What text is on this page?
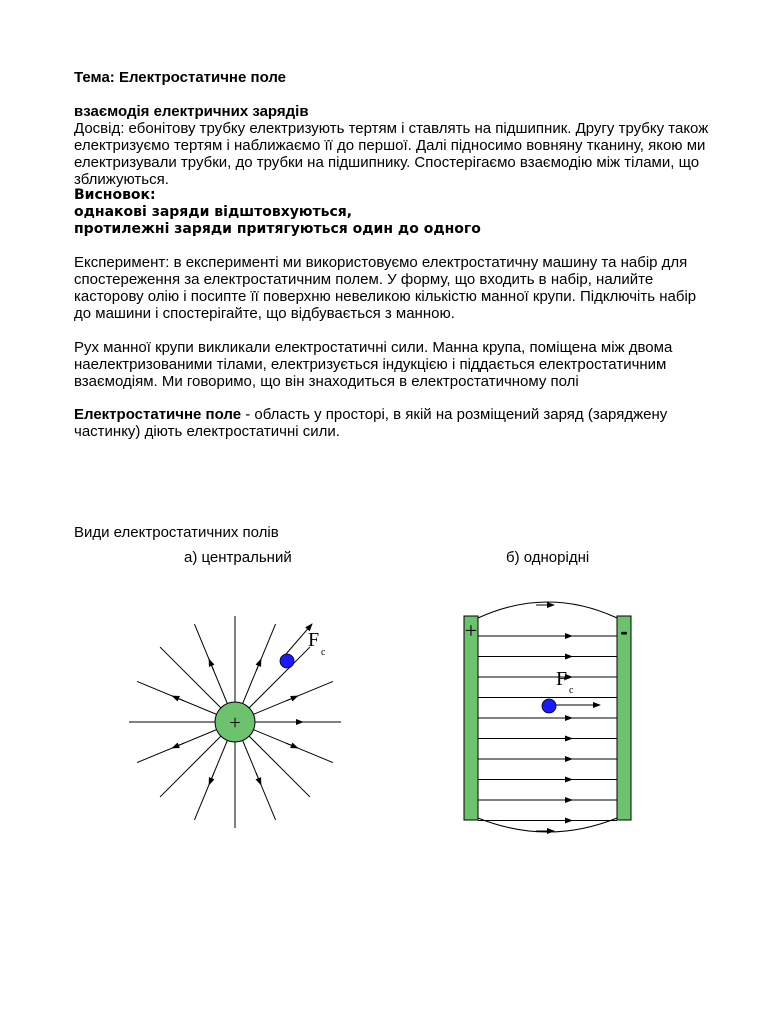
Тема: Електростатичне поле

взаємодія електричних зарядів

Досвід: ебонітову трубку електризують тертям і ставлять на підшипник. Другу трубку також електризуємо тертям і наближаємо її до першої. Далі підносимо вовняну тканину, якою ми електризували трубки, до трубки на підшипнику. Спостерігаємо взаємодію між тілами, що зближуються.

Висновок:

однакові заряди відштовхуються,

протилежні заряди притягуються один до одного

Експеримент: в експерименті ми використовуємо електростатичну машину та набір для спостереження за електростатичним полем. У форму, що входить в набір, налийте касторову олію і посипте її поверхню невеликою кількістю манної крупи. Підключіть набір до машини і спостерігайте, що відбувається з манною.

Рух манної крупи викликали електростатичні сили. Манна крупа, поміщена між двома наелектризованими тілами, електризується індукцією і піддається електростатичним взаємодіям. Ми говоримо, що він знаходиться в електростатичному полі

Електростатичне поле - область у просторі, в якій на розміщений заряд (заряджену частинку) діють електростатичні сили.

Види електростатичних полів

а) центральний	б) однорідні
+
F
c
+	-
F
c
